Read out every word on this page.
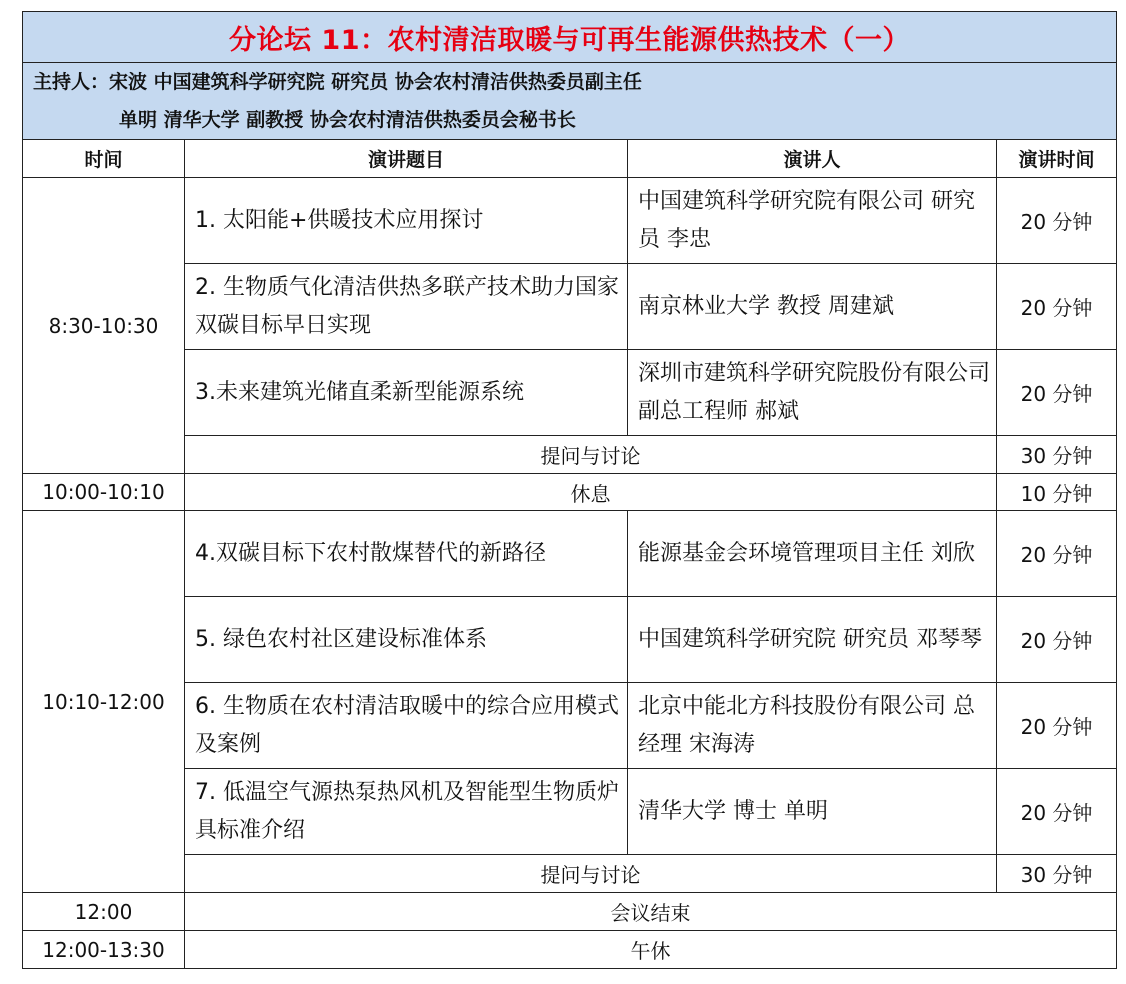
分论坛 11：农村清洁取暖与可再生能源供热技术（一）			

主持人：宋波 中国建筑科学研究院 研究员 协会农村清洁供热委员副主任
单明 清华大学 副教授 协会农村清洁供热委员会秘书长			

时间	演讲题目	演讲人	演讲时间
8:30-10:30	1. 太阳能+供暖技术应用探讨	中国建筑科学研究院有限公司 研究员 李忠	20 分钟
	2. 生物质气化清洁供热多联产技术助力国家双碳目标早日实现	南京林业大学 教授 周建斌	20 分钟
	3.未来建筑光储直柔新型能源系统	深圳市建筑科学研究院股份有限公司 副总工程师 郝斌	20 分钟
	提问与讨论		30 分钟
10:00-10:10	休息		10 分钟
10:10-12:00	4.双碳目标下农村散煤替代的新路径	能源基金会环境管理项目主任 刘欣	20 分钟
	5. 绿色农村社区建设标准体系	中国建筑科学研究院 研究员 邓琴琴	20 分钟
	6. 生物质在农村清洁取暖中的综合应用模式及案例	北京中能北方科技股份有限公司 总经理 宋海涛	20 分钟
	7. 低温空气源热泵热风机及智能型生物质炉具标准介绍	清华大学 博士 单明	20 分钟
	提问与讨论		30 分钟
12:00	会议结束		
12:00-13:30	午休		
